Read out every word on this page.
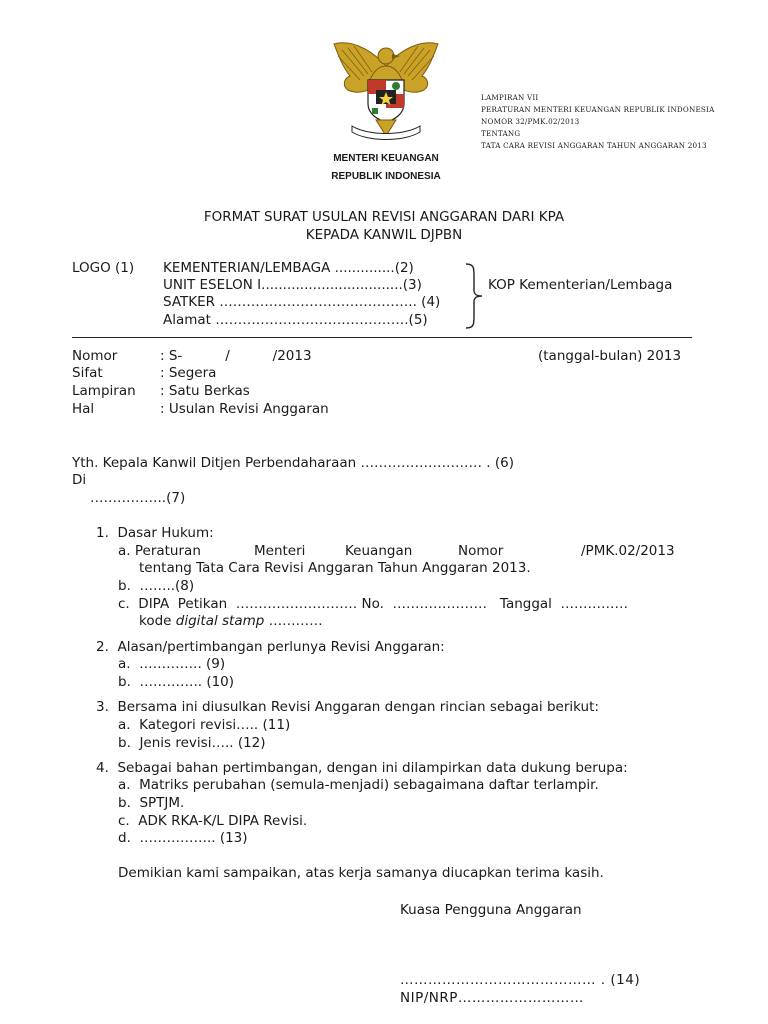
MENTERI KEUANGAN
REPUBLIK INDONESIA
LAMPIRAN VII
PERATURAN MENTERI KEUANGAN REPUBLIK INDONESIA
NOMOR 32/PMK.02/2013
TENTANG
TATA CARA REVISI ANGGARAN TAHUN ANGGARAN 2013
FORMAT SURAT USULAN REVISI ANGGARAN DARI KPA
KEPADA KANWIL DJPBN
LOGO (1) KEMENTERIAN/LEMBAGA ..............(2)
UNIT ESELON I.................................(3)
SATKER …………………………………….. (4)
Alamat …………………………………….(5)
KOP Kementerian/Lembaga
Nomor	: S-          /          /2013	(tanggal-bulan) 2013
Sifat	: Segera
Lampiran : Satu Berkas
Hal	: Usulan Revisi Anggaran
Yth. Kepala Kanwil Ditjen Perbendaharaan ……………………… . (6)
Di
……………..(7)
1.  Dasar Hukum:
a. Peraturan	Menteri	Keuangan	Nomor	/PMK.02/2013
tentang Tata Cara Revisi Anggaran Tahun Anggaran 2013.
b.  ……..(8)
c.  DIPA  Petikan  ……………………… No.  …………………   Tanggal  ……………
kode digital stamp …………
2.  Alasan/pertimbangan perlunya Revisi Anggaran:
a.  ………….. (9)
b.  ………….. (10)
3.  Bersama ini diusulkan Revisi Anggaran dengan rincian sebagai berikut:
a.  Kategori revisi….. (11)
b.  Jenis revisi….. (12)
4.  Sebagai bahan pertimbangan, dengan ini dilampirkan data dukung berupa:
a.  Matriks perubahan (semula-menjadi) sebagaimana daftar terlampir.
b.  SPTJM.
c.  ADK RKA-K/L DIPA Revisi.
d.  …………….. (13)
Demikian kami sampaikan, atas kerja samanya diucapkan terima kasih.
Kuasa Pengguna Anggaran
…………………………………… . (14)
NIP/NRP………………………
